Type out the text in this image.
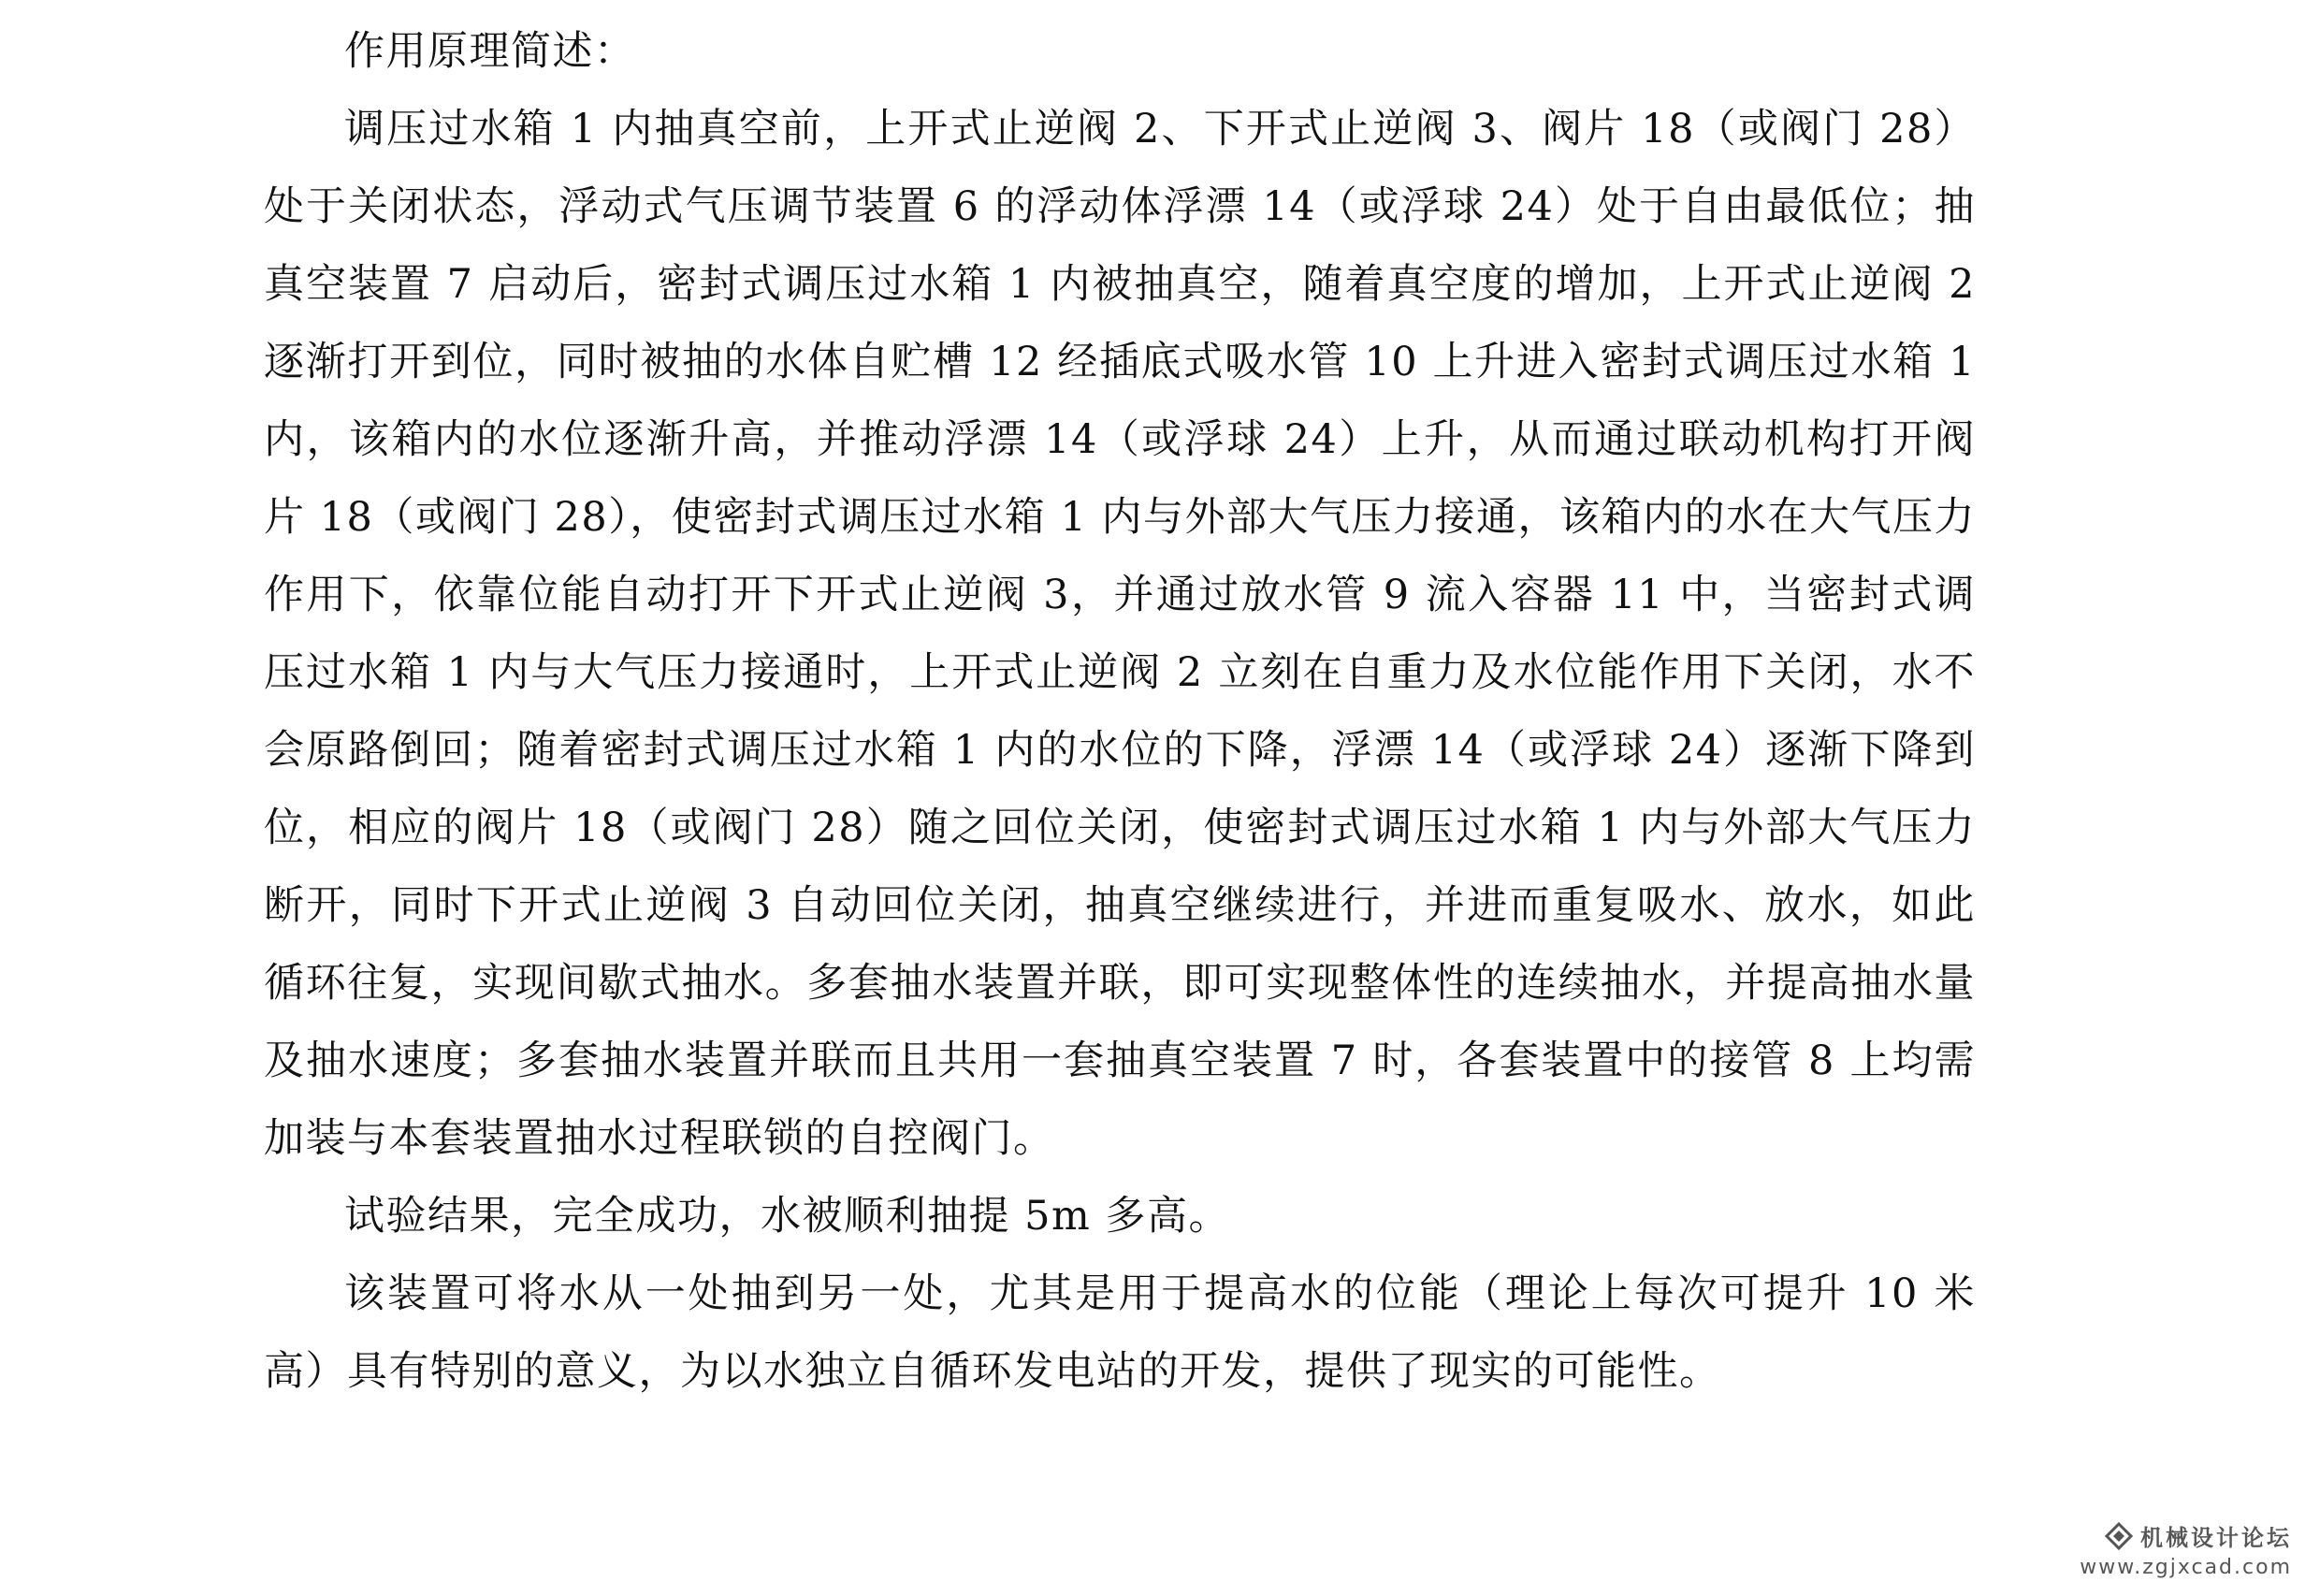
作用原理简述：

调压过水箱 1 内抽真空前，上开式止逆阀 2、下开式止逆阀 3、阀片 18（或阀门 28）处于关闭状态，浮动式气压调节装置 6 的浮动体浮漂 14（或浮球 24）处于自由最低位；抽真空装置 7 启动后，密封式调压过水箱 1 内被抽真空，随着真空度的增加，上开式止逆阀 2 逐渐打开到位，同时被抽的水体自贮槽 12 经插底式吸水管 10 上升进入密封式调压过水箱 1 内，该箱内的水位逐渐升高，并推动浮漂 14（或浮球 24）上升，从而通过联动机构打开阀片 18（或阀门 28），使密封式调压过水箱 1 内与外部大气压力接通，该箱内的水在大气压力作用下，依靠位能自动打开下开式止逆阀 3，并通过放水管 9 流入容器 11 中，当密封式调压过水箱 1 内与大气压力接通时，上开式止逆阀 2 立刻在自重力及水位能作用下关闭，水不会原路倒回；随着密封式调压过水箱 1 内的水位的下降，浮漂 14（或浮球 24）逐渐下降到位，相应的阀片 18（或阀门 28）随之回位关闭，使密封式调压过水箱 1 内与外部大气压力断开，同时下开式止逆阀 3 自动回位关闭，抽真空继续进行，并进而重复吸水、放水，如此循环往复，实现间歇式抽水。多套抽水装置并联，即可实现整体性的连续抽水，并提高抽水量及抽水速度；多套抽水装置并联而且共用一套抽真空装置 7 时，各套装置中的接管 8 上均需加装与本套装置抽水过程联锁的自控阀门。

试验结果，完全成功，水被顺利抽提 5m 多高。

该装置可将水从一处抽到另一处，尤其是用于提高水的位能（理论上每次可提升 10 米高）具有特别的意义，为以水独立自循环发电站的开发，提供了现实的可能性。

机械设计论坛
www.zgjxcad.com
